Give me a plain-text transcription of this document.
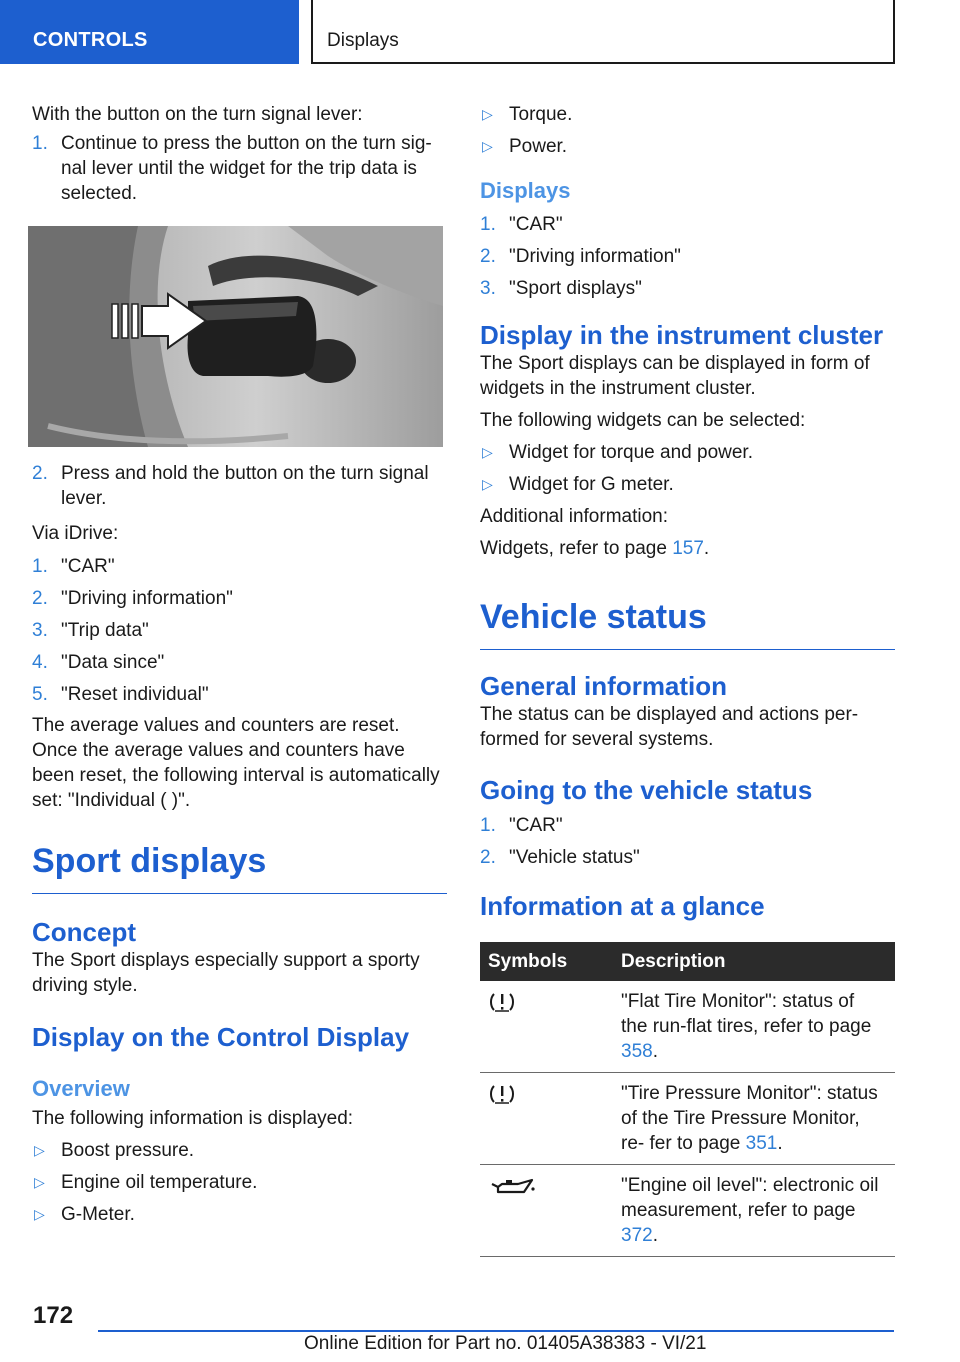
CONTROLS	Displays

With the button on the turn signal lever:

1. Continue to press the button on the turn sig- nal lever until the widget for the trip data is selected.
2. Press and hold the button on the turn signal lever.

Via iDrive:

1. "CAR"
2. "Driving information"
3. "Trip data"
4. "Data since"
5. "Reset individual"

The average values and counters are reset. Once the average values and counters have been reset, the following interval is automatically set: "Individual ( )".

Sport displays
Concept

The Sport displays especially support a sporty driving style.

Display on the Control Display
Overview

The following information is displayed:

▷ Boost pressure.
▷ Engine oil temperature.
▷ G-Meter.
▷ Torque.
▷ Power.
Displays
1. "CAR"
2. "Driving information"
3. "Sport displays"
Display in the instrument cluster

The Sport displays can be displayed in form of widgets in the instrument cluster.

The following widgets can be selected:

▷ Widget for torque and power.
▷ Widget for G meter.

Additional information:

Widgets, refer to page 157.

Vehicle status
General information

The status can be displayed and actions per- formed for several systems.

Going to the vehicle status
1. "CAR"
2. "Vehicle status"
Information at a glance
Symbols	Description
	"Flat Tire Monitor": status of the run-flat tires, refer to page 358.
	"Tire Pressure Monitor": status of the Tire Pressure Monitor, re- fer to page 351.
	"Engine oil level": electronic oil measurement, refer to page 372.
172
Online Edition for Part no. 01405A38383 - VI/21
